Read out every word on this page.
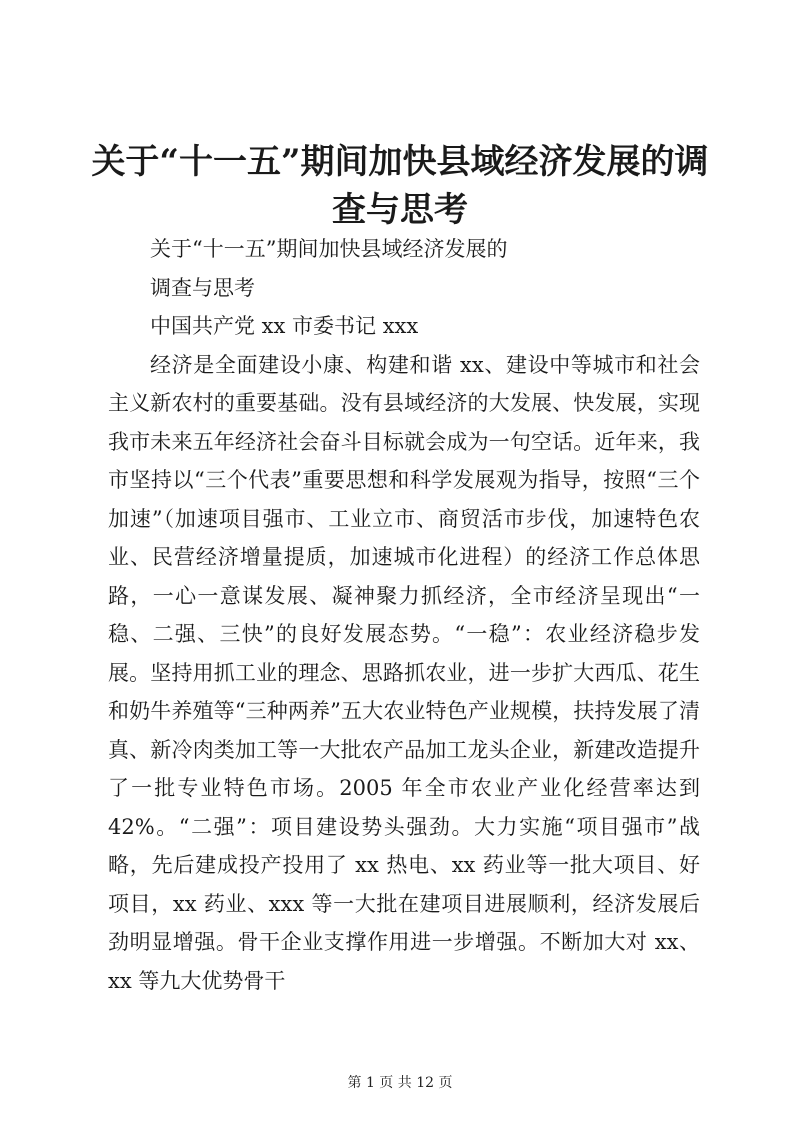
关于“十一五”期间加快县域经济发展的调查与思考

关于“十一五”期间加快县域经济发展的

调查与思考

中国共产党 xx 市委书记 xxx

经济是全面建设小康、构建和谐 xx、建设中等城市和社会主义新农村的重要基础。没有县域经济的大发展、快发展，实现我市未来五年经济社会奋斗目标就会成为一句空话。近年来，我市坚持以“三个代表”重要思想和科学发展观为指导，按照“三个加速”（加速项目强市、工业立市、商贸活市步伐，加速特色农业、民营经济增量提质，加速城市化进程）的经济工作总体思路，一心一意谋发展、凝神聚力抓经济，全市经济呈现出“一稳、二强、三快”的良好发展态势。“一稳”：农业经济稳步发展。坚持用抓工业的理念、思路抓农业，进一步扩大西瓜、花生和奶牛养殖等“三种两养”五大农业特色产业规模，扶持发展了清真、新冷肉类加工等一大批农产品加工龙头企业，新建改造提升了一批专业特色市场。2005 年全市农业产业化经营率达到 42%。“二强”：项目建设势头强劲。大力实施“项目强市”战略，先后建成投产投用了 xx 热电、xx 药业等一批大项目、好项目，xx 药业、xxx 等一大批在建项目进展顺利，经济发展后劲明显增强。骨干企业支撑作用进一步增强。不断加大对 xx、xx 等九大优势骨干

第 1 页 共 12 页
